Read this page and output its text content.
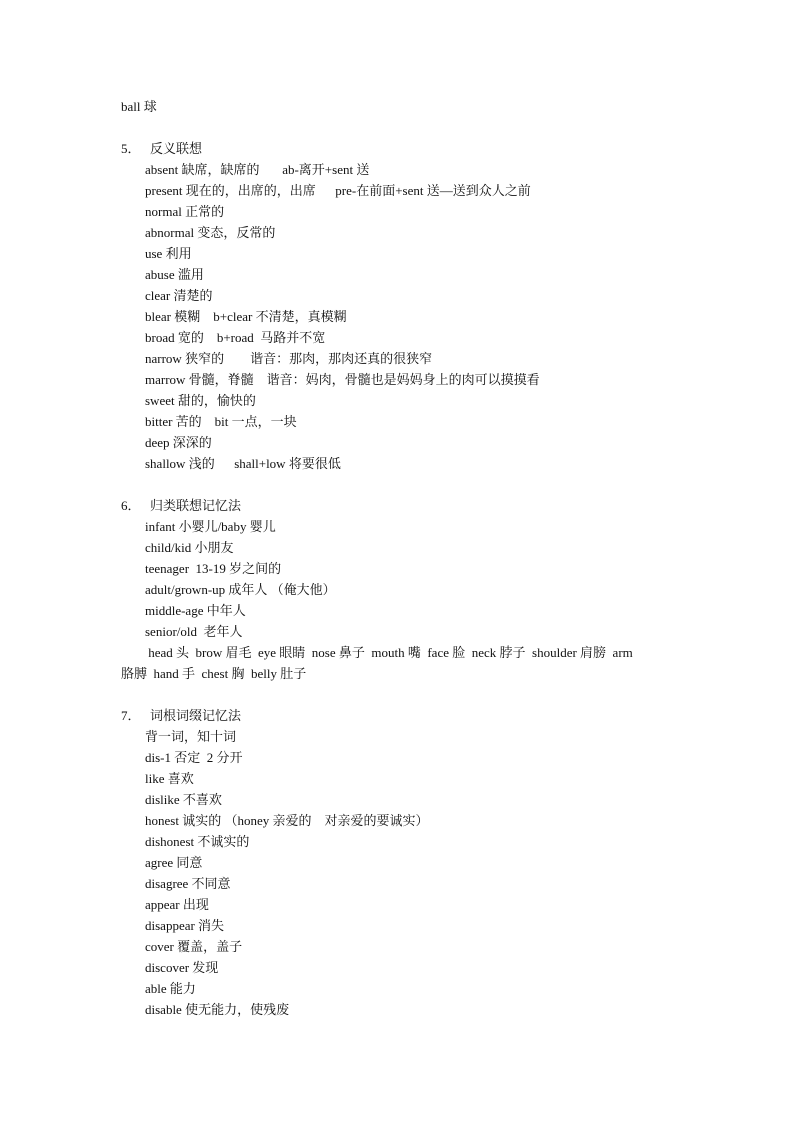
ball 球
5． 反义联想
absent 缺席，缺席的       ab-离开+sent 送
present 现在的，出席的，出席      pre-在前面+sent 送—送到众人之前
normal 正常的
abnormal 变态，反常的
use 利用
abuse 滥用
clear 清楚的
blear 模糊    b+clear 不清楚，真模糊
broad 宽的    b+road  马路并不宽
narrow 狭窄的        谐音：那肉，那肉还真的很狭窄
marrow 骨髓，脊髓    谐音：妈肉，骨髓也是妈妈身上的肉可以摸摸看
sweet 甜的，愉快的
bitter 苦的    bit 一点，一块
deep 深深的
shallow 浅的      shall+low 将要很低
6． 归类联想记忆法
infant 小婴儿/baby 婴儿
child/kid 小朋友
teenager  13-19 岁之间的
adult/grown-up 成年人 （俺大他）
middle-age 中年人
senior/old  老年人
head 头  brow 眉毛  eye 眼睛  nose 鼻子  mouth 嘴  face 脸  neck 脖子  shoulder 肩膀  arm
胳膊  hand 手  chest 胸  belly 肚子
7． 词根词缀记忆法
背一词，知十词
dis-1 否定  2 分开
like 喜欢
dislike 不喜欢
honest 诚实的 （honey 亲爱的    对亲爱的要诚实）
dishonest 不诚实的
agree 同意
disagree 不同意
appear 出现
disappear 消失
cover 覆盖，盖子
discover 发现
able 能力
disable 使无能力，使残废
